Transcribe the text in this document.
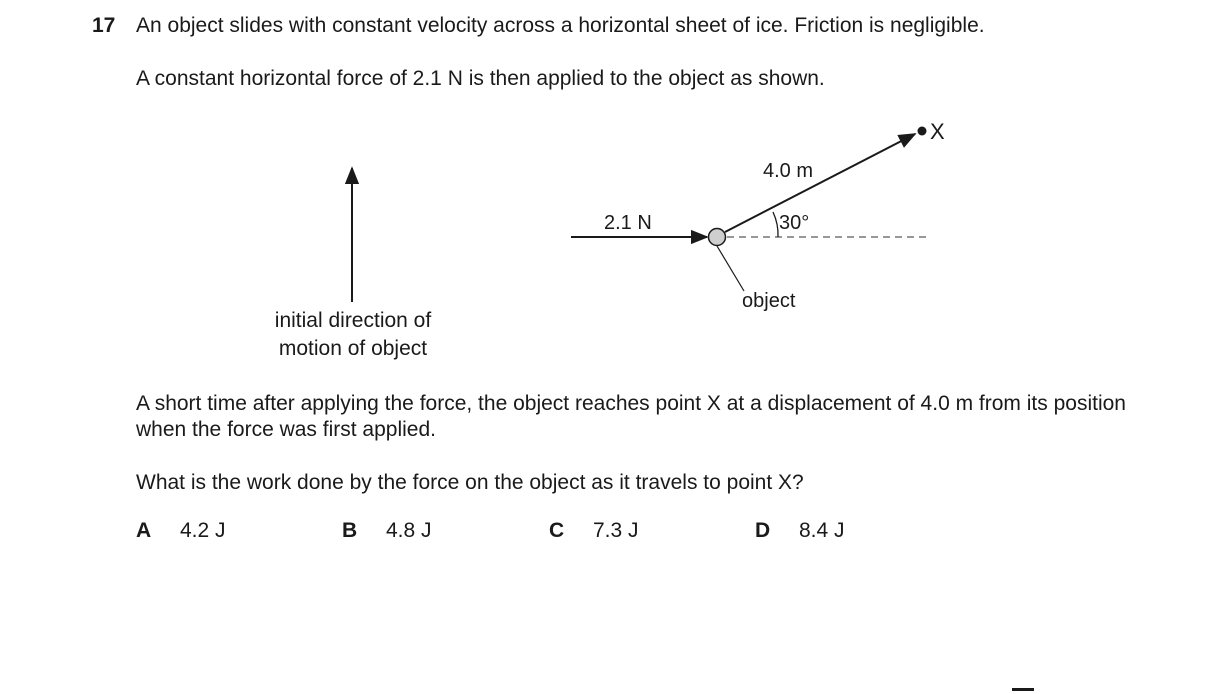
17 An object slides with constant velocity across a horizontal sheet of ice. Friction is negligible.
A constant horizontal force of 2.1 N is then applied to the object as shown.
2.1 N
4.0 m
30°
object
X
initial direction of
motion of object
A short time after applying the force, the object reaches point X at a displacement of 4.0 m from its position when the force was first applied.
What is the work done by the force on the object as it travels to point X?
A 4.2 J	B 4.8 J	C 7.3 J	D 8.4 J
